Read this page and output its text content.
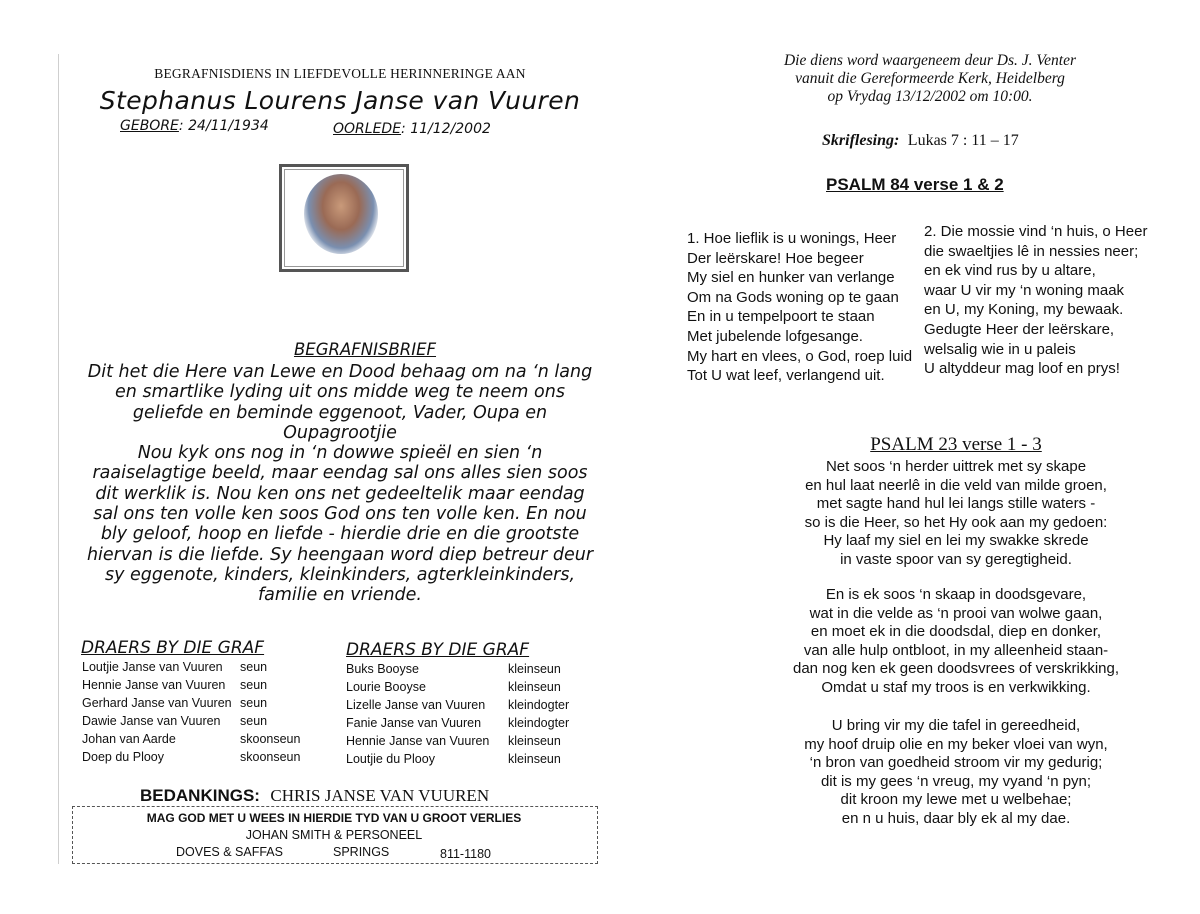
BEGRAFNISDIENS IN LIEFDEVOLLE HERINNERINGE AAN
Stephanus Lourens Janse van Vuuren
GEBORE: 24/11/1934	OORLEDE: 11/12/2002
BEGRAFNISBRIEF
Dit het die Here van Lewe en Dood behaag om na ‘n lang
en smartlike lyding uit ons midde weg te neem ons
geliefde en beminde eggenoot, Vader, Oupa en
Oupagrootjie
Nou kyk ons nog in ‘n dowwe spieël en sien ‘n
raaiselagtige beeld, maar eendag sal ons alles sien soos
dit werklik is. Nou ken ons net gedeeltelik maar eendag
sal ons ten volle ken soos God ons ten volle ken. En nou
bly geloof, hoop en liefde - hierdie drie en die grootste
hiervan is die liefde. Sy heengaan word diep betreur deur
sy eggenote, kinders, kleinkinders, agterkleinkinders,
familie en vriende.
DRAERS BY DIE GRAF	DRAERS BY DIE GRAF
Loutjie Janse van Vuuren seun
Hennie Janse van Vuuren seun
Gerhard Janse van Vuuren seun
Dawie Janse van Vuuren seun
Johan van Aarde	skoonseun
Doep du Plooy	skoonseun
Buks Booyse	kleinseun
Lourie Booyse	kleinseun
Lizelle Janse van Vuuren kleindogter
Fanie Janse van Vuuren kleindogter
Hennie Janse van Vuuren kleinseun
Loutjie du Plooy	kleinseun
BEDANKINGS: CHRIS JANSE VAN VUUREN
MAG GOD MET U WEES IN HIERDIE TYD VAN U GROOT VERLIES
JOHAN SMITH & PERSONEEL
DOVES & SAFFAS	SPRINGS	811-1180
Die diens word waargeneem deur Ds. J. Venter
vanuit die Gereformeerde Kerk, Heidelberg
op Vrydag 13/12/2002 om 10:00.
Skriflesing: Lukas 7 : 11 – 17
PSALM 84 verse 1 & 2
1. Hoe lieflik is u wonings, Heer
Der leërskare! Hoe begeer
My siel en hunker van verlange
Om na Gods woning op te gaan
En in u tempelpoort te staan
Met jubelende lofgesange.
My hart en vlees, o God, roep luid
Tot U wat leef, verlangend uit.
2. Die mossie vind ‘n huis, o Heer
die swaeltjies lê in nessies neer;
en ek vind rus by u altare,
waar U vir my ‘n woning maak
en U, my Koning, my bewaak.
Gedugte Heer der leërskare,
welsalig wie in u paleis
U altyddeur mag loof en prys!
PSALM 23 verse 1 - 3
Net soos ‘n herder uittrek met sy skape
en hul laat neerlê in die veld van milde groen,
met sagte hand hul lei langs stille waters -
so is die Heer, so het Hy ook aan my gedoen:
Hy laaf my siel en lei my swakke skrede
in vaste spoor van sy geregtigheid.
En is ek soos ‘n skaap in doodsgevare,
wat in die velde as ‘n prooi van wolwe gaan,
en moet ek in die doodsdal, diep en donker,
van alle hulp ontbloot, in my alleenheid staan-
dan nog ken ek geen doodsvrees of verskrikking,
Omdat u staf my troos is en verkwikking.
U bring vir my die tafel in gereedheid,
my hoof druip olie en my beker vloei van wyn,
‘n bron van goedheid stroom vir my gedurig;
dit is my gees ‘n vreug, my vyand ‘n pyn;
dit kroon my lewe met u welbehae;
en n u huis, daar bly ek al my dae.
